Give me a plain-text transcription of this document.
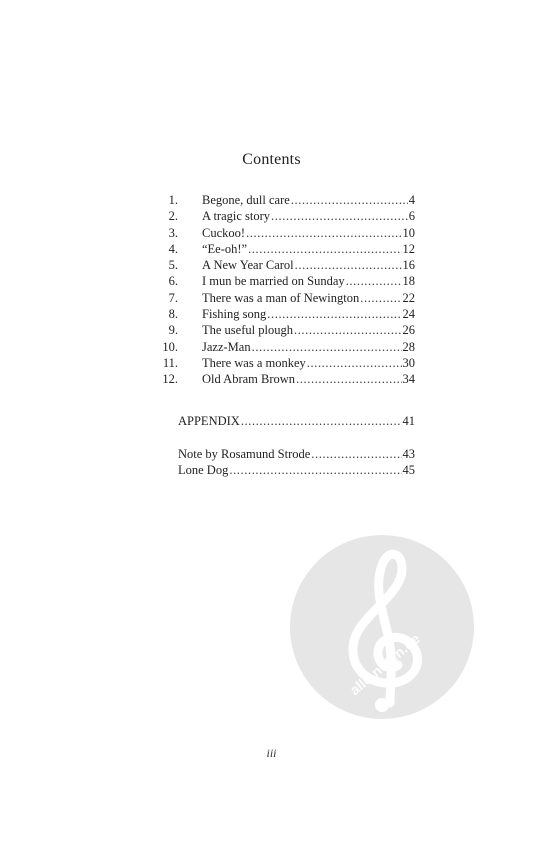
Contents
1. Begone, dull care .....	4
2. A tragic story .....	6
3. Cuckoo! .....	10
4. “Ee-oh!” .....	12
5. A New Year Carol .....	16
6. I mun be married on Sunday .....	18
7. There was a man of Newington .....	22
8. Fishing song .....	24
9. The useful plough .....	26
10. Jazz-Man .....	28
11. There was a monkey .....	30
12. Old Abram Brown .....	34
APPENDIX .....	41
Note by Rosamund Strode .....	43
Lone Dog .....	45
alle-noten.de
iii
